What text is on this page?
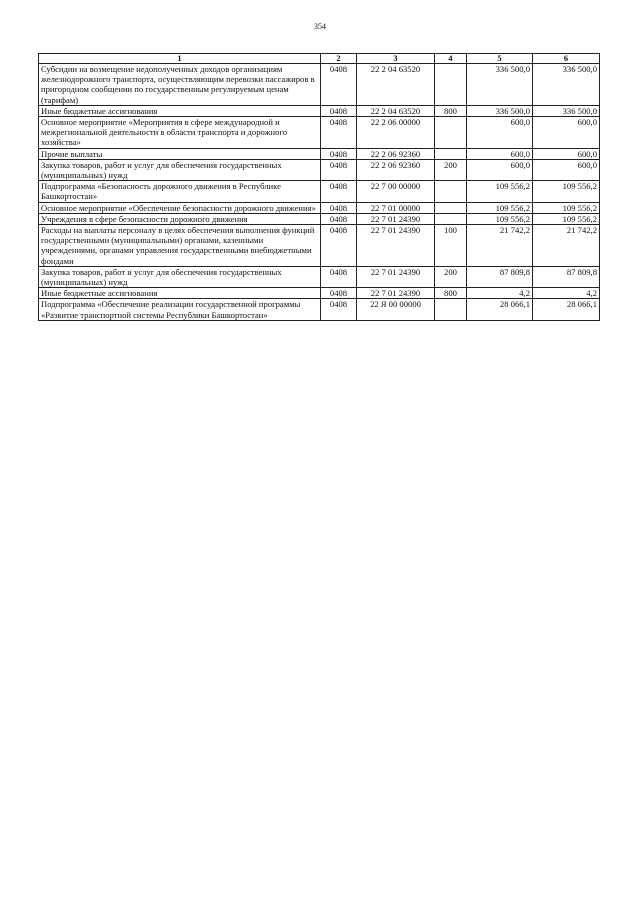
354
1	2	3	4	5	6
Субсидии на возмещение недополученных доходов организациям железнодорожного транспорта, осуществляющим перевозки пассажиров в пригородном сообщении по государственным регулируемым ценам (тарифам)	0408	22 2 04 63520		336 500,0	336 500,0
Иные бюджетные ассигнования	0408	22 2 04 63520	800	336 500,0	336 500,0
Основное мероприятие «Мероприятия в сфере международной и межрегиональной деятельности в области транспорта и дорожного хозяйства»	0408	22 2 06 00000		600,0	600,0
Прочие выплаты	0408	22 2 06 92360		600,0	600,0
Закупка товаров, работ и услуг для обеспечения государственных (муниципальных) нужд	0408	22 2 06 92360	200	600,0	600,0
Подпрограмма «Безопасность дорожного движения в Республике Башкортостан»	0408	22 7 00 00000		109 556,2	109 556,2
Основное мероприятие «Обеспечение безопасности дорожного движения»	0408	22 7 01 00000		109 556,2	109 556,2
Учреждения в сфере безопасности дорожного движения	0408	22 7 01 24390		109 556,2	109 556,2
Расходы на выплаты персоналу в целях обеспечения выполнения функций государственными (муниципальными) органами, казенными учреждениями, органами управления государственными внебюджетными фондами	0408	22 7 01 24390	100	21 742,2	21 742,2
Закупка товаров, работ и услуг для обеспечения государственных (муниципальных) нужд	0408	22 7 01 24390	200	87 809,8	87 809,8
Иные бюджетные ассигнования	0408	22 7 01 24390	800	4,2	4,2
Подпрограмма «Обеспечение реализации государственной программы «Развитие транспортной системы Республики Башкортостан»	0408	22 Я 00 00000		28 066,1	28 066,1
